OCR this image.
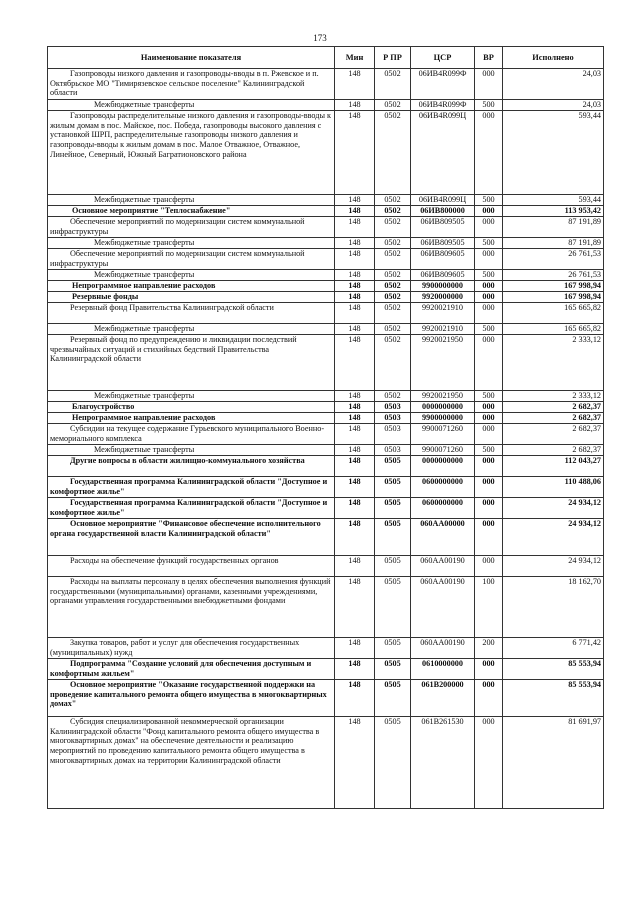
173
Наименование показателя	Мин	Р ПР	ЦСР	ВР	Исполнено
Газопроводы низкого давления и газопроводы-вводы в п. Ржевское и п. Октябрьское МО "Тимирязевское сельское поселение" Калининградской области	148	0502	06ИВ4R099Ф	000	24,03
Межбюджетные трансферты	148	0502	06ИВ4R099Ф	500	24,03
Газопроводы распределительные низкого давления и газопроводы-вводы к жилым домам в пос. Майское, пос. Победа, газопроводы высокого давления с установкой ШРП, распределительные газопроводы низкого давления и газопроводы-вводы к жилым домам в пос. Малое Отважное, Отважное, Линейное, Северный, Южный Багратионовского района	148	0502	06ИВ4R099Ц	000	593,44
Межбюджетные трансферты	148	0502	06ИВ4R099Ц	500	593,44
Основное мероприятие "Теплоснабжение"	148	0502	06ИВ800000	000	113 953,42
Обеспечение мероприятий по модернизации систем коммунальной инфраструктуры	148	0502	06ИВ809505	000	87 191,89
Межбюджетные трансферты	148	0502	06ИВ809505	500	87 191,89
Обеспечение мероприятий по модернизации систем коммунальной инфраструктуры	148	0502	06ИВ809605	000	26 761,53
Межбюджетные трансферты	148	0502	06ИВ809605	500	26 761,53
Непрограммное направление расходов	148	0502	9900000000	000	167 998,94
Резервные фонды	148	0502	9920000000	000	167 998,94
Резервный фонд Правительства Калининградской области	148	0502	9920021910	000	165 665,82
Межбюджетные трансферты	148	0502	9920021910	500	165 665,82
Резервный фонд по предупреждению и ликвидации последствий чрезвычайных ситуаций и стихийных бедствий Правительства Калининградской области	148	0502	9920021950	000	2 333,12
Межбюджетные трансферты	148	0502	9920021950	500	2 333,12
Благоустройство	148	0503	0000000000	000	2 682,37
Непрограммное направление расходов	148	0503	9900000000	000	2 682,37
Субсидии на текущее содержание Гурьевского муниципального Военно-мемориального комплекса	148	0503	9900071260	000	2 682,37
Межбюджетные трансферты	148	0503	9900071260	500	2 682,37
Другие вопросы в области жилищно-коммунального хозяйства	148	0505	0000000000	000	112 043,27
Государственная программа Калининградской области "Доступное и комфортное жилье"	148	0505	0600000000	000	110 488,06
Государственная программа Калининградской области "Доступное и комфортное жилье"	148	0505	0600000000	000	24 934,12
Основное мероприятие "Финансовое обеспечение исполнительного органа государственной власти Калининградской области"	148	0505	060АА00000	000	24 934,12
Расходы на обеспечение функций государственных органов	148	0505	060АА00190	000	24 934,12
Расходы на выплаты персоналу в целях обеспечения выполнения функций государственными (муниципальными) органами, казенными учреждениями, органами управления государственными внебюджетными фондами	148	0505	060АА00190	100	18 162,70
Закупка товаров, работ и услуг для обеспечения государственных (муниципальных) нужд	148	0505	060АА00190	200	6 771,42
Подпрограмма "Создание условий для обеспечения доступным и комфортным жильем"	148	0505	0610000000	000	85 553,94
Основное мероприятие "Оказание государственной поддержки на проведение капитального ремонта общего имущества в многоквартирных домах"	148	0505	061В200000	000	85 553,94
Субсидия специализированной некоммерческой организации Калининградской области "Фонд капитального ремонта общего имущества в многоквартирных домах" на обеспечение деятельности и реализацию мероприятий по проведению капитального ремонта общего имущества в многоквартирных домах на территории Калининградской области	148	0505	061В261530	000	81 691,97
